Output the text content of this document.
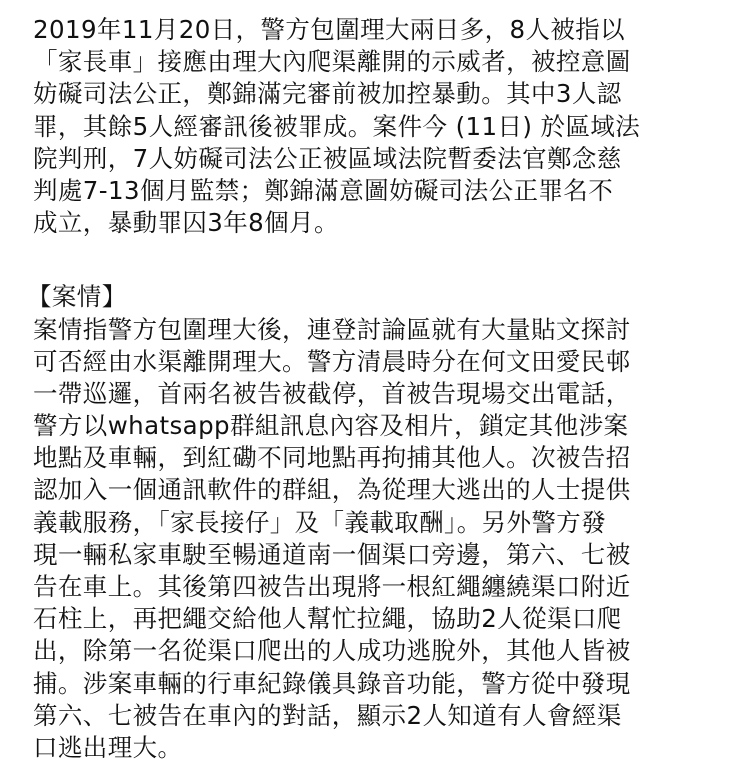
2019年11月20日，警方包圍理大兩日多，8人被指以
「家長車」接應由理大內爬渠離開的示威者，被控意圖
妨礙司法公正，鄭錦滿完審前被加控暴動。其中3人認
罪，其餘5人經審訊後被罪成。案件今 (11日) 於區域法
院判刑，7人妨礙司法公正被區域法院暫委法官鄭念慈
判處7-13個月監禁；鄭錦滿意圖妨礙司法公正罪名不
成立，暴動罪囚3年8個月。
【案情】
案情指警方包圍理大後，連登討論區就有大量貼文探討
可否經由水渠離開理大。警方清晨時分在何文田愛民邨
一帶巡邏，首兩名被告被截停，首被告現場交出電話，
警方以whatsapp群組訊息內容及相片，鎖定其他涉案
地點及車輛，到紅磡不同地點再拘捕其他人。次被告招
認加入一個通訊軟件的群組，為從理大逃出的人士提供
義載服務，「家長接仔」及「義載取酬」。另外警方發
現一輛私家車駛至暢通道南一個渠口旁邊，第六、七被
告在車上。其後第四被告出現將一根紅繩纏繞渠口附近
石柱上，再把繩交給他人幫忙拉繩，協助2人從渠口爬
出，除第一名從渠口爬出的人成功逃脫外，其他人皆被
捕。涉案車輛的行車紀錄儀具錄音功能，警方從中發現
第六、七被告在車內的對話，顯示2人知道有人會經渠
口逃出理大。
